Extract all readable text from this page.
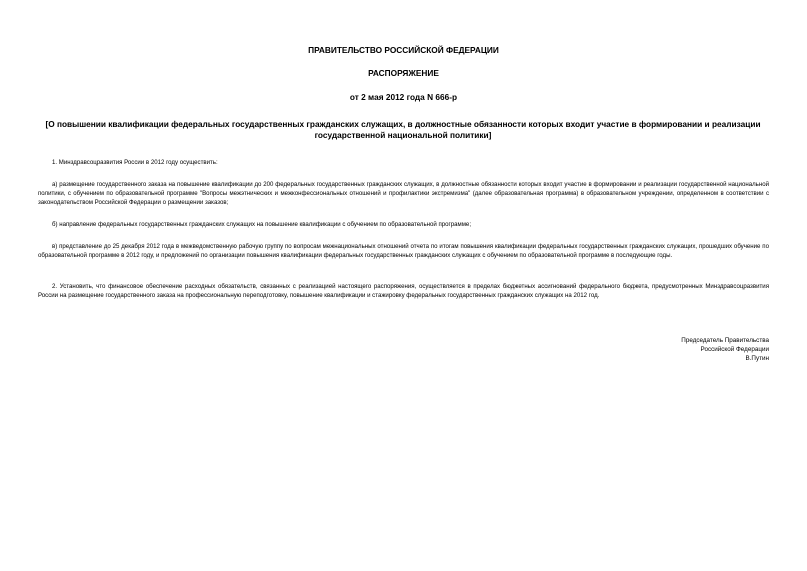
ПРАВИТЕЛЬСТВО РОССИЙСКОЙ ФЕДЕРАЦИИ
РАСПОРЯЖЕНИЕ
от 2 мая 2012 года N 666-р
[О повышении квалификации федеральных государственных гражданских служащих, в должностные обязанности которых входит участие в формировании и реализации государственной национальной политики]
1. Минздравсоцразвития России в 2012 году осуществить:
а) размещение государственного заказа на повышение квалификации до 200 федеральных государственных гражданских служащих, в должностные обязанности которых входит участие в формировании и реализации государственной национальной политики, с обучением по образовательной программе "Вопросы межэтнических и межконфессиональных отношений и профилактики экстремизма" (далее образовательная программа) в образовательном учреждении, определенном в соответствии с законодательством Российской Федерации о размещении заказов;
б) направление федеральных государственных гражданских служащих на повышение квалификации с обучением по образовательной программе;
в) представление до 25 декабря 2012 года в межведомственную рабочую группу по вопросам межнациональных отношений отчета по итогам повышения квалификации федеральных государственных гражданских служащих, прошедших обучение по образовательной программе в 2012 году, и предложений по организации повышения квалификации федеральных государственных гражданских служащих с обучением по образовательной программе в последующие годы.
2. Установить, что финансовое обеспечение расходных обязательств, связанных с реализацией настоящего распоряжения, осуществляется в пределах бюджетных ассигнований федерального бюджета, предусмотренных Минздравсоцразвития России на размещение государственного заказа на профессиональную переподготовку, повышение квалификации и стажировку федеральных государственных гражданских служащих на 2012 год.
Председатель Правительства
Российской Федерации
В.Путин
